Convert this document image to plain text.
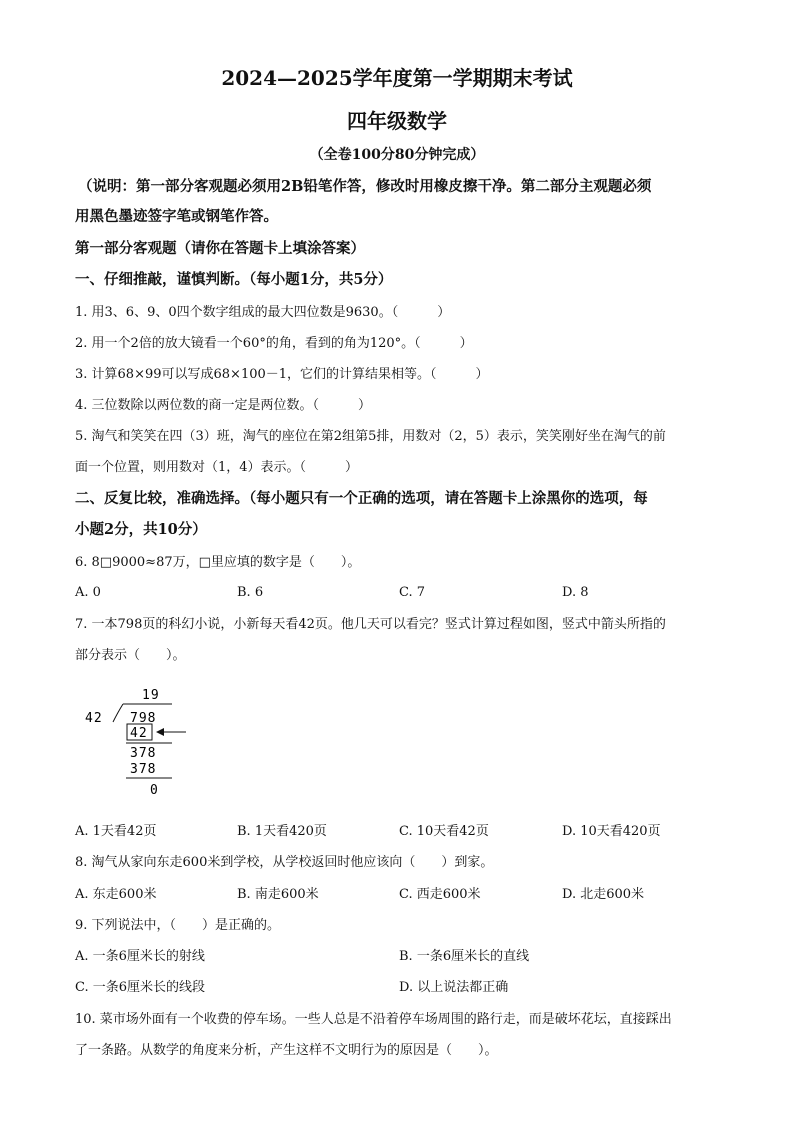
2024—2025学年度第一学期期末考试
四年级数学
（全卷100分80分钟完成）
（说明：第一部分客观题必须用2B铅笔作答，修改时用橡皮擦干净。第二部分主观题必须
用黑色墨迹签字笔或钢笔作答。
第一部分客观题（请你在答题卡上填涂答案）
一、仔细推敲，谨慎判断。（每小题1分，共5分）
1. 用3、6、9、0四个数字组成的最大四位数是9630。（　　　）
2. 用一个2倍的放大镜看一个60°的角，看到的角为120°。（　　　）
3. 计算68×99可以写成68×100－1，它们的计算结果相等。（　　　）
4. 三位数除以两位数的商一定是两位数。（　　　）
5. 淘气和笑笑在四（3）班，淘气的座位在第2组第5排，用数对（2，5）表示，笑笑刚好坐在淘气的前
面一个位置，则用数对（1，4）表示。（　　　）
二、反复比较，准确选择。（每小题只有一个正确的选项，请在答题卡上涂黑你的选项，每
小题2分，共10分）
6. 8□9000≈87万，□里应填的数字是（　　）。
A. 0	B. 6	C. 7	D. 8
7. 一本798页的科幻小说，小新每天看42页。他几天可以看完？竖式计算过程如图，竖式中箭头所指的
部分表示（　　）。
19
42 798
42
378
378
0
A. 1天看42页	B. 1天看420页	C. 10天看42页	D. 10天看420页
8. 淘气从家向东走600米到学校，从学校返回时他应该向（　　）到家。
A. 东走600米	B. 南走600米	C. 西走600米	D. 北走600米
9. 下列说法中，（　　）是正确的。
A. 一条6厘米长的射线	B. 一条6厘米长的直线
C. 一条6厘米长的线段	D. 以上说法都正确
10. 菜市场外面有一个收费的停车场。一些人总是不沿着停车场周围的路行走，而是破坏花坛，直接踩出
了一条路。从数学的角度来分析，产生这样不文明行为的原因是（　　）。
